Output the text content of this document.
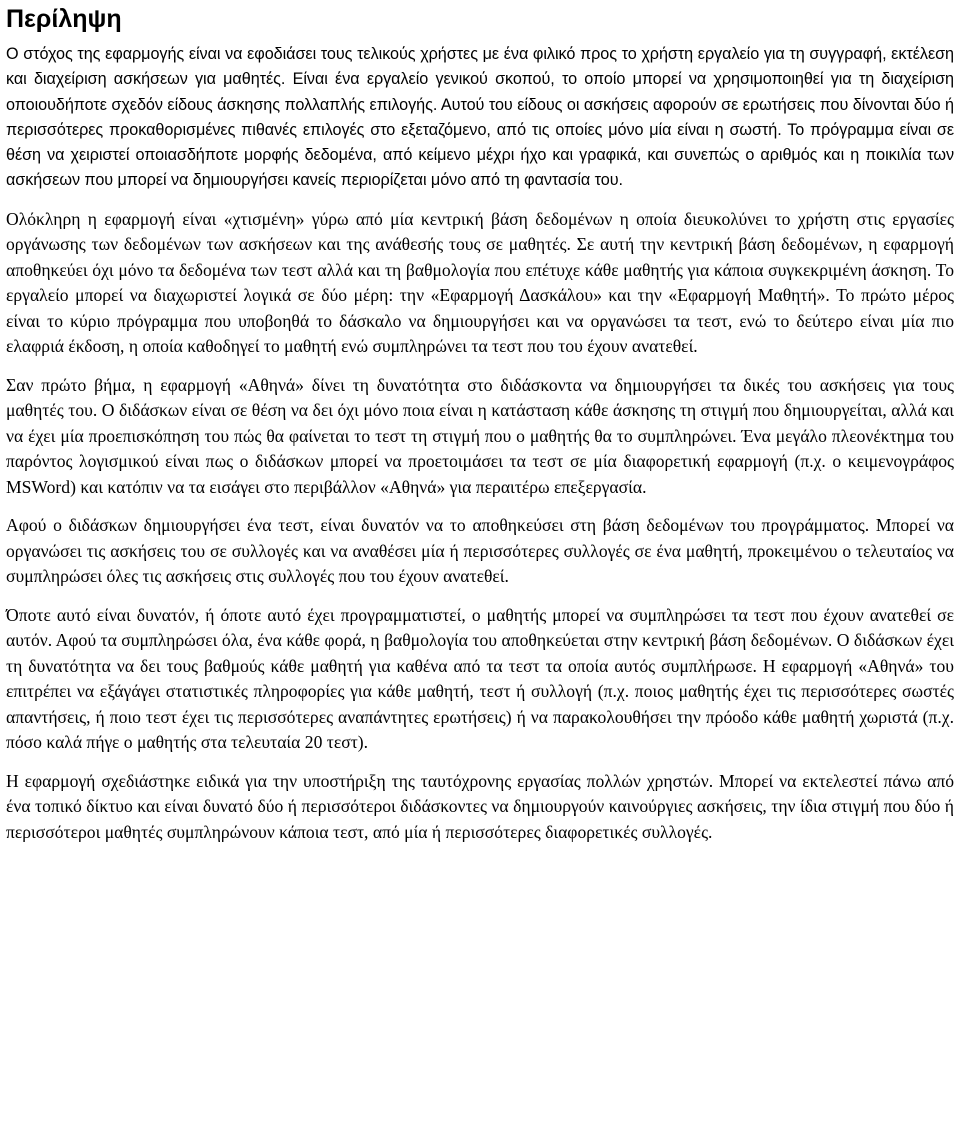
Περίληψη

Ο στόχος της εφαρμογής είναι να εφοδιάσει τους τελικούς χρήστες με ένα φιλικό προς το χρήστη εργαλείο για τη συγγραφή, εκτέλεση και διαχείριση ασκήσεων για μαθητές. Είναι ένα εργαλείο γενικού σκοπού, το οποίο μπορεί να χρησιμοποιηθεί για τη διαχείριση οποιουδήποτε σχεδόν είδους άσκησης πολλαπλής επιλογής. Αυτού του είδους οι ασκήσεις αφορούν σε ερωτήσεις που δίνονται δύο ή περισσότερες προκαθορισμένες πιθανές επιλογές στο εξεταζόμενο, από τις οποίες μόνο μία είναι η σωστή. Το πρόγραμμα είναι σε θέση να χειριστεί οποιασδήποτε μορφής δεδομένα, από κείμενο μέχρι ήχο και γραφικά, και συνεπώς ο αριθμός και η ποικιλία των ασκήσεων που μπορεί να δημιουργήσει κανείς περιορίζεται μόνο από τη φαντασία του.

Ολόκληρη η εφαρμογή είναι «χτισμένη» γύρω από μία κεντρική βάση δεδομένων η οποία διευκολύνει το χρήστη στις εργασίες οργάνωσης των δεδομένων των ασκήσεων και της ανάθεσής τους σε μαθητές. Σε αυτή την κεντρική βάση δεδομένων, η εφαρμογή αποθηκεύει όχι μόνο τα δεδομένα των τεστ αλλά και τη βαθμολογία που επέτυχε κάθε μαθητής για κάποια συγκεκριμένη άσκηση. Το εργαλείο μπορεί να διαχωριστεί λογικά σε δύο μέρη: την «Εφαρμογή Δασκάλου» και την «Εφαρμογή Μαθητή». Το πρώτο μέρος είναι το κύριο πρόγραμμα που υποβοηθά το δάσκαλο να δημιουργήσει και να οργανώσει τα τεστ, ενώ το δεύτερο είναι μία πιο ελαφριά έκδοση, η οποία καθοδηγεί το μαθητή ενώ συμπληρώνει τα τεστ που του έχουν ανατεθεί.

Σαν πρώτο βήμα, η εφαρμογή «Αθηνά» δίνει τη δυνατότητα στο διδάσκοντα να δημιουργήσει τα δικές του ασκήσεις για τους μαθητές του. Ο διδάσκων είναι σε θέση να δει όχι μόνο ποια είναι η κατάσταση κάθε άσκησης τη στιγμή που δημιουργείται, αλλά και να έχει μία προεπισκόπηση του πώς θα φαίνεται το τεστ τη στιγμή που ο μαθητής θα το συμπληρώνει. Ένα μεγάλο πλεονέκτημα του παρόντος λογισμικού είναι πως ο διδάσκων μπορεί να προετοιμάσει τα τεστ σε μία διαφορετική εφαρμογή (π.χ. ο κειμενογράφος MSWord) και κατόπιν να τα εισάγει στο περιβάλλον «Αθηνά» για περαιτέρω επεξεργασία.

Αφού ο διδάσκων δημιουργήσει ένα τεστ, είναι δυνατόν να το αποθηκεύσει στη βάση δεδομένων του προγράμματος. Μπορεί να οργανώσει τις ασκήσεις του σε συλλογές και να αναθέσει μία ή περισσότερες συλλογές σε ένα μαθητή, προκειμένου ο τελευταίος να συμπληρώσει όλες τις ασκήσεις στις συλλογές που του έχουν ανατεθεί.

Όποτε αυτό είναι δυνατόν, ή όποτε αυτό έχει προγραμματιστεί, ο μαθητής μπορεί να συμπληρώσει τα τεστ που έχουν ανατεθεί σε αυτόν. Αφού τα συμπληρώσει όλα, ένα κάθε φορά, η βαθμολογία του αποθηκεύεται στην κεντρική βάση δεδομένων. Ο διδάσκων έχει τη δυνατότητα να δει τους βαθμούς κάθε μαθητή για καθένα από τα τεστ τα οποία αυτός συμπλήρωσε. Η εφαρμογή «Αθηνά» του επιτρέπει να εξάγάγει στατιστικές πληροφορίες για κάθε μαθητή, τεστ ή συλλογή (π.χ. ποιος μαθητής έχει τις περισσότερες σωστές απαντήσεις, ή ποιο τεστ έχει τις περισσότερες αναπάντητες ερωτήσεις) ή να παρακολουθήσει την πρόοδο κάθε μαθητή χωριστά (π.χ. πόσο καλά πήγε ο μαθητής στα τελευταία 20 τεστ).

Η εφαρμογή σχεδιάστηκε ειδικά για την υποστήριξη της ταυτόχρονης εργασίας πολλών χρηστών. Μπορεί να εκτελεστεί πάνω από ένα τοπικό δίκτυο και είναι δυνατό δύο ή περισσότεροι διδάσκοντες να δημιουργούν καινούργιες ασκήσεις, την ίδια στιγμή που δύο ή περισσότεροι μαθητές συμπληρώνουν κάποια τεστ, από μία ή περισσότερες διαφορετικές συλλογές.
